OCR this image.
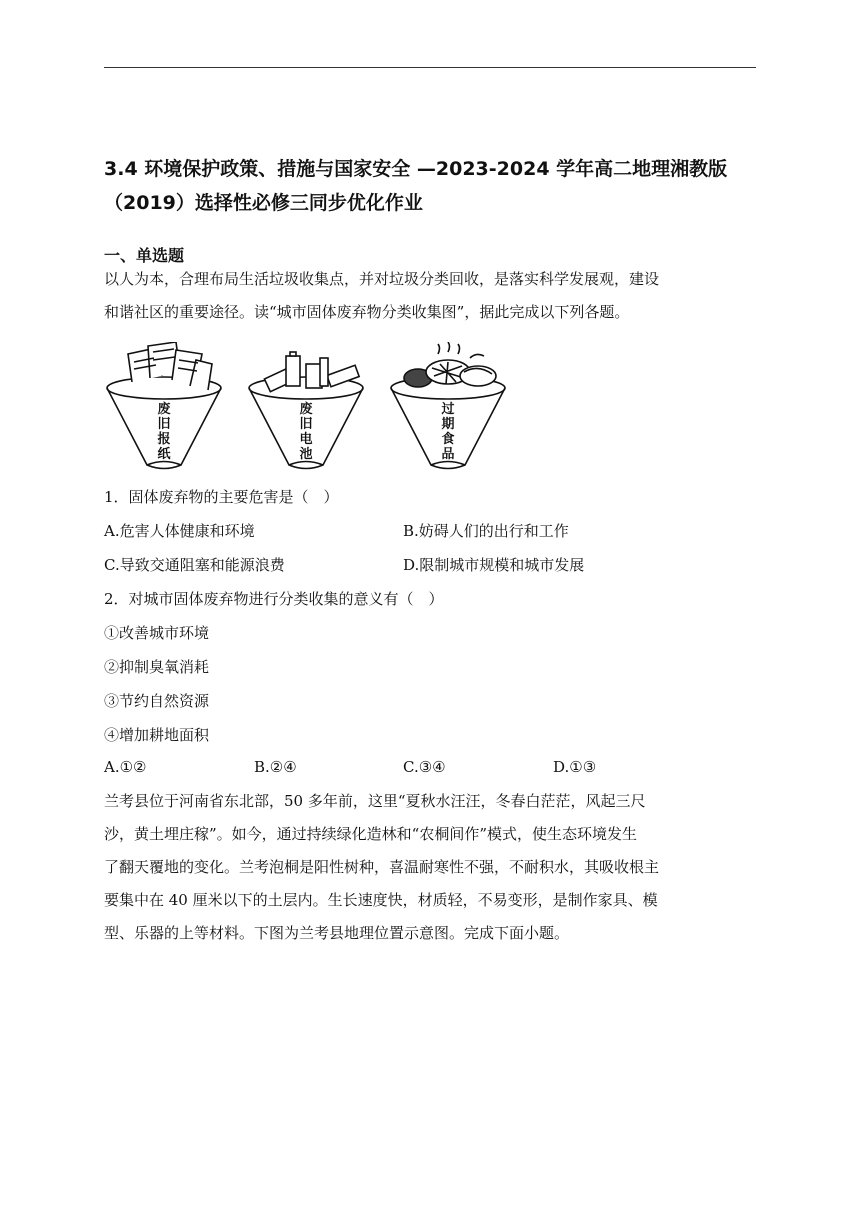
3.4 环境保护政策、措施与国家安全 —2023-2024 学年高二地理湘教版
（2019）选择性必修三同步优化作业
一、单选题
以人为本，合理布局生活垃圾收集点，并对垃圾分类回收，是落实科学发展观，建设
和谐社区的重要途径。读“城市固体废弃物分类收集图”，据此完成以下列各题。
废
旧
报
纸
废
旧
电
池
过
期
食
品
1．固体废弃物的主要危害是（　）
A.危害人体健康和环境	B.妨碍人们的出行和工作
C.导致交通阻塞和能源浪费	D.限制城市规模和城市发展
2．对城市固体废弃物进行分类收集的意义有（　）
①改善城市环境
②抑制臭氧消耗
③节约自然资源
④增加耕地面积
A.①②	B.②④	C.③④	D.①③
兰考县位于河南省东北部，50 多年前，这里“夏秋水汪汪，冬春白茫茫，风起三尺
沙，黄土埋庄稼”。如今，通过持续绿化造林和“农桐间作”模式，使生态环境发生
了翻天覆地的变化。兰考泡桐是阳性树种，喜温耐寒性不强，不耐积水，其吸收根主
要集中在 40 厘米以下的土层内。生长速度快，材质轻，不易变形，是制作家具、模
型、乐器的上等材料。下图为兰考县地理位置示意图。完成下面小题。
